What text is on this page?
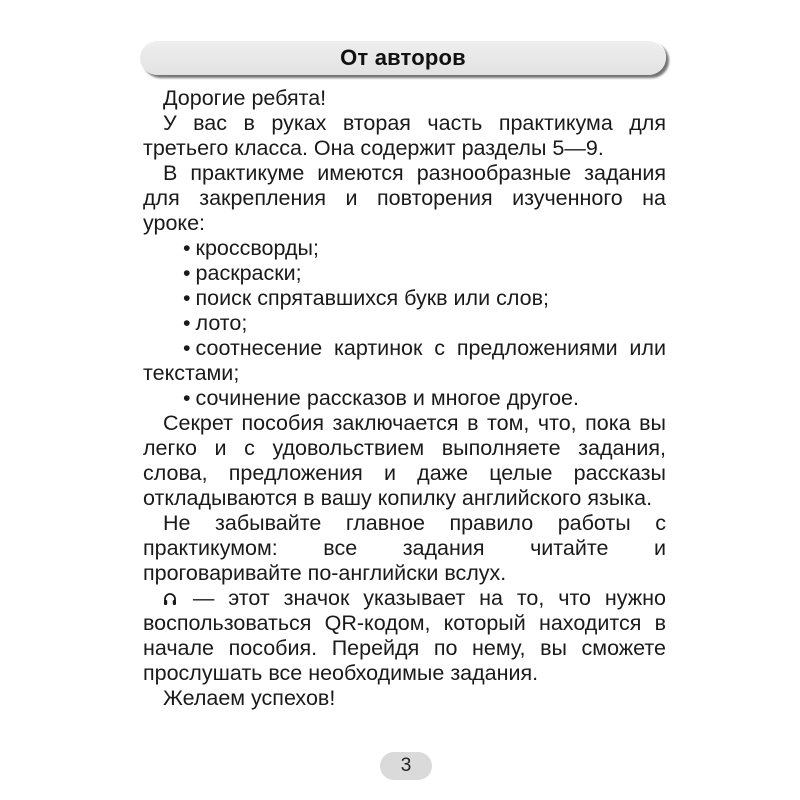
От авторов

Дорогие ребята!

У вас в руках вторая часть практикума для третьего класса. Она содержит разделы 5—9.

В практикуме имеются разнообразные задания для закрепления и повторения изученного на уроке:

• кроссворды;

• раскраски;

• поиск спрятавшихся букв или слов;

• лото;

• соотнесение картинок с предложениями или текстами;

• сочинение рассказов и многое другое.

Секрет пособия заключается в том, что, пока вы легко и с удовольствием выполняете задания, слова, предложения и даже целые рассказы откладываются в вашу копилку английского языка.

Не забывайте главное правило работы с практикумом: все задания читайте и проговаривайте по-английски вслух.

— этот значок указывает на то, что нужно воспользоваться QR-кодом, который находится в начале пособия. Перейдя по нему, вы сможете прослушать все необходимые задания.

Желаем успехов!

3
